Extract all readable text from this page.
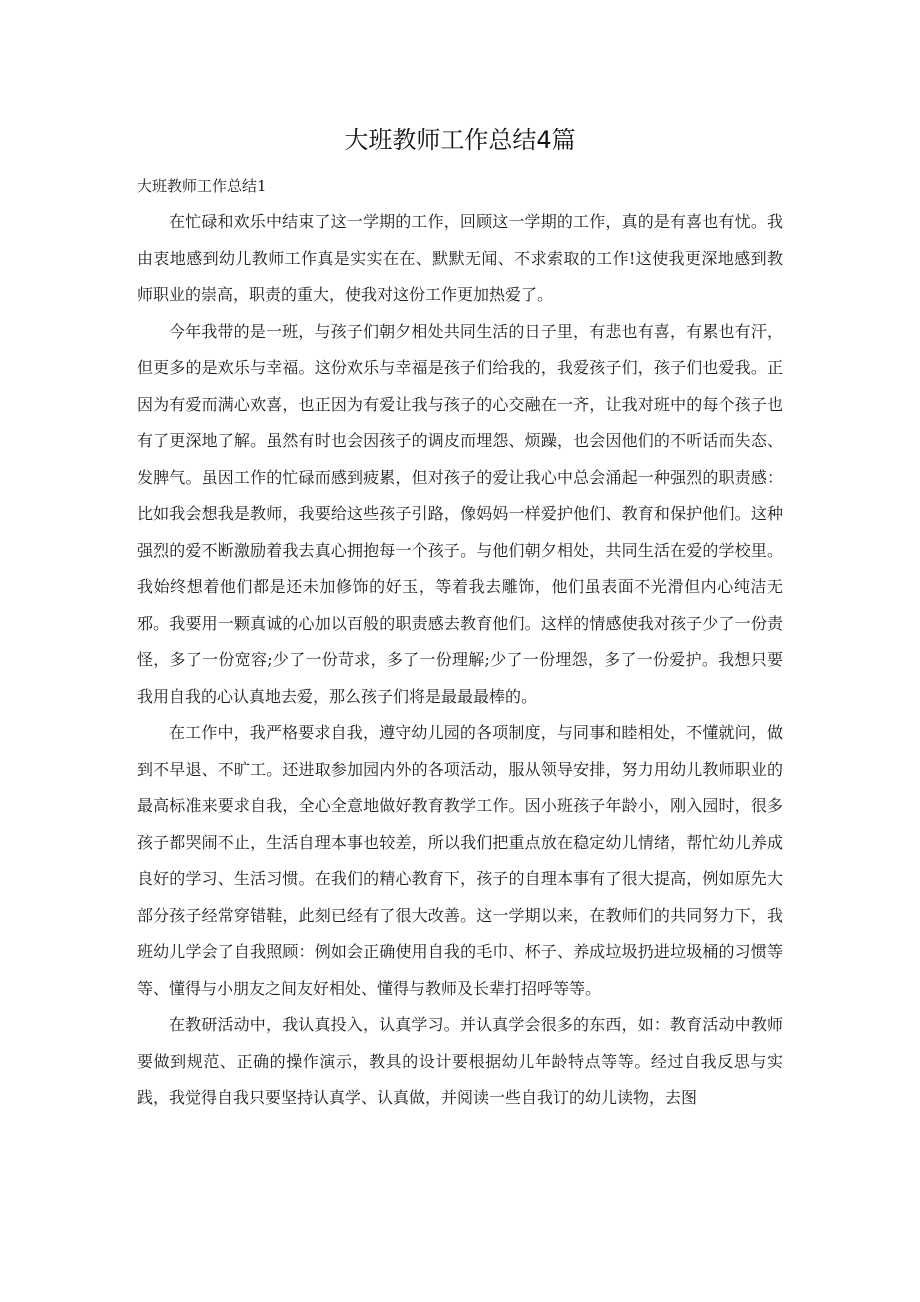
大班教师工作总结4篇
大班教师工作总结1

在忙碌和欢乐中结束了这一学期的工作，回顾这一学期的工作，真的是有喜也有忧。我由衷地感到幼儿教师工作真是实实在在、默默无闻、不求索取的工作!这使我更深地感到教师职业的崇高，职责的重大，使我对这份工作更加热爱了。

今年我带的是一班，与孩子们朝夕相处共同生活的日子里，有悲也有喜，有累也有汗，但更多的是欢乐与幸福。这份欢乐与幸福是孩子们给我的，我爱孩子们，孩子们也爱我。正因为有爱而满心欢喜，也正因为有爱让我与孩子的心交融在一齐，让我对班中的每个孩子也有了更深地了解。虽然有时也会因孩子的调皮而埋怨、烦躁，也会因他们的不听话而失态、发脾气。虽因工作的忙碌而感到疲累，但对孩子的爱让我心中总会涌起一种强烈的职责感：比如我会想我是教师，我要给这些孩子引路，像妈妈一样爱护他们、教育和保护他们。这种强烈的爱不断激励着我去真心拥抱每一个孩子。与他们朝夕相处，共同生活在爱的学校里。我始终想着他们都是还未加修饰的好玉，等着我去雕饰，他们虽表面不光滑但内心纯洁无邪。我要用一颗真诚的心加以百般的职责感去教育他们。这样的情感使我对孩子少了一份责怪，多了一份宽容;少了一份苛求，多了一份理解;少了一份埋怨，多了一份爱护。我想只要我用自我的心认真地去爱，那么孩子们将是最最最棒的。

在工作中，我严格要求自我，遵守幼儿园的各项制度，与同事和睦相处，不懂就问，做到不早退、不旷工。还进取参加园内外的各项活动，服从领导安排，努力用幼儿教师职业的最高标准来要求自我，全心全意地做好教育教学工作。因小班孩子年龄小，刚入园时，很多孩子都哭闹不止，生活自理本事也较差，所以我们把重点放在稳定幼儿情绪，帮忙幼儿养成良好的学习、生活习惯。在我们的精心教育下，孩子的自理本事有了很大提高，例如原先大部分孩子经常穿错鞋，此刻已经有了很大改善。这一学期以来，在教师们的共同努力下，我班幼儿学会了自我照顾：例如会正确使用自我的毛巾、杯子、养成垃圾扔进垃圾桶的习惯等等、懂得与小朋友之间友好相处、懂得与教师及长辈打招呼等等。

在教研活动中，我认真投入，认真学习。并认真学会很多的东西，如：教育活动中教师要做到规范、正确的操作演示，教具的设计要根据幼儿年龄特点等等。经过自我反思与实践，我觉得自我只要坚持认真学、认真做，并阅读一些自我订的幼儿读物，去图
